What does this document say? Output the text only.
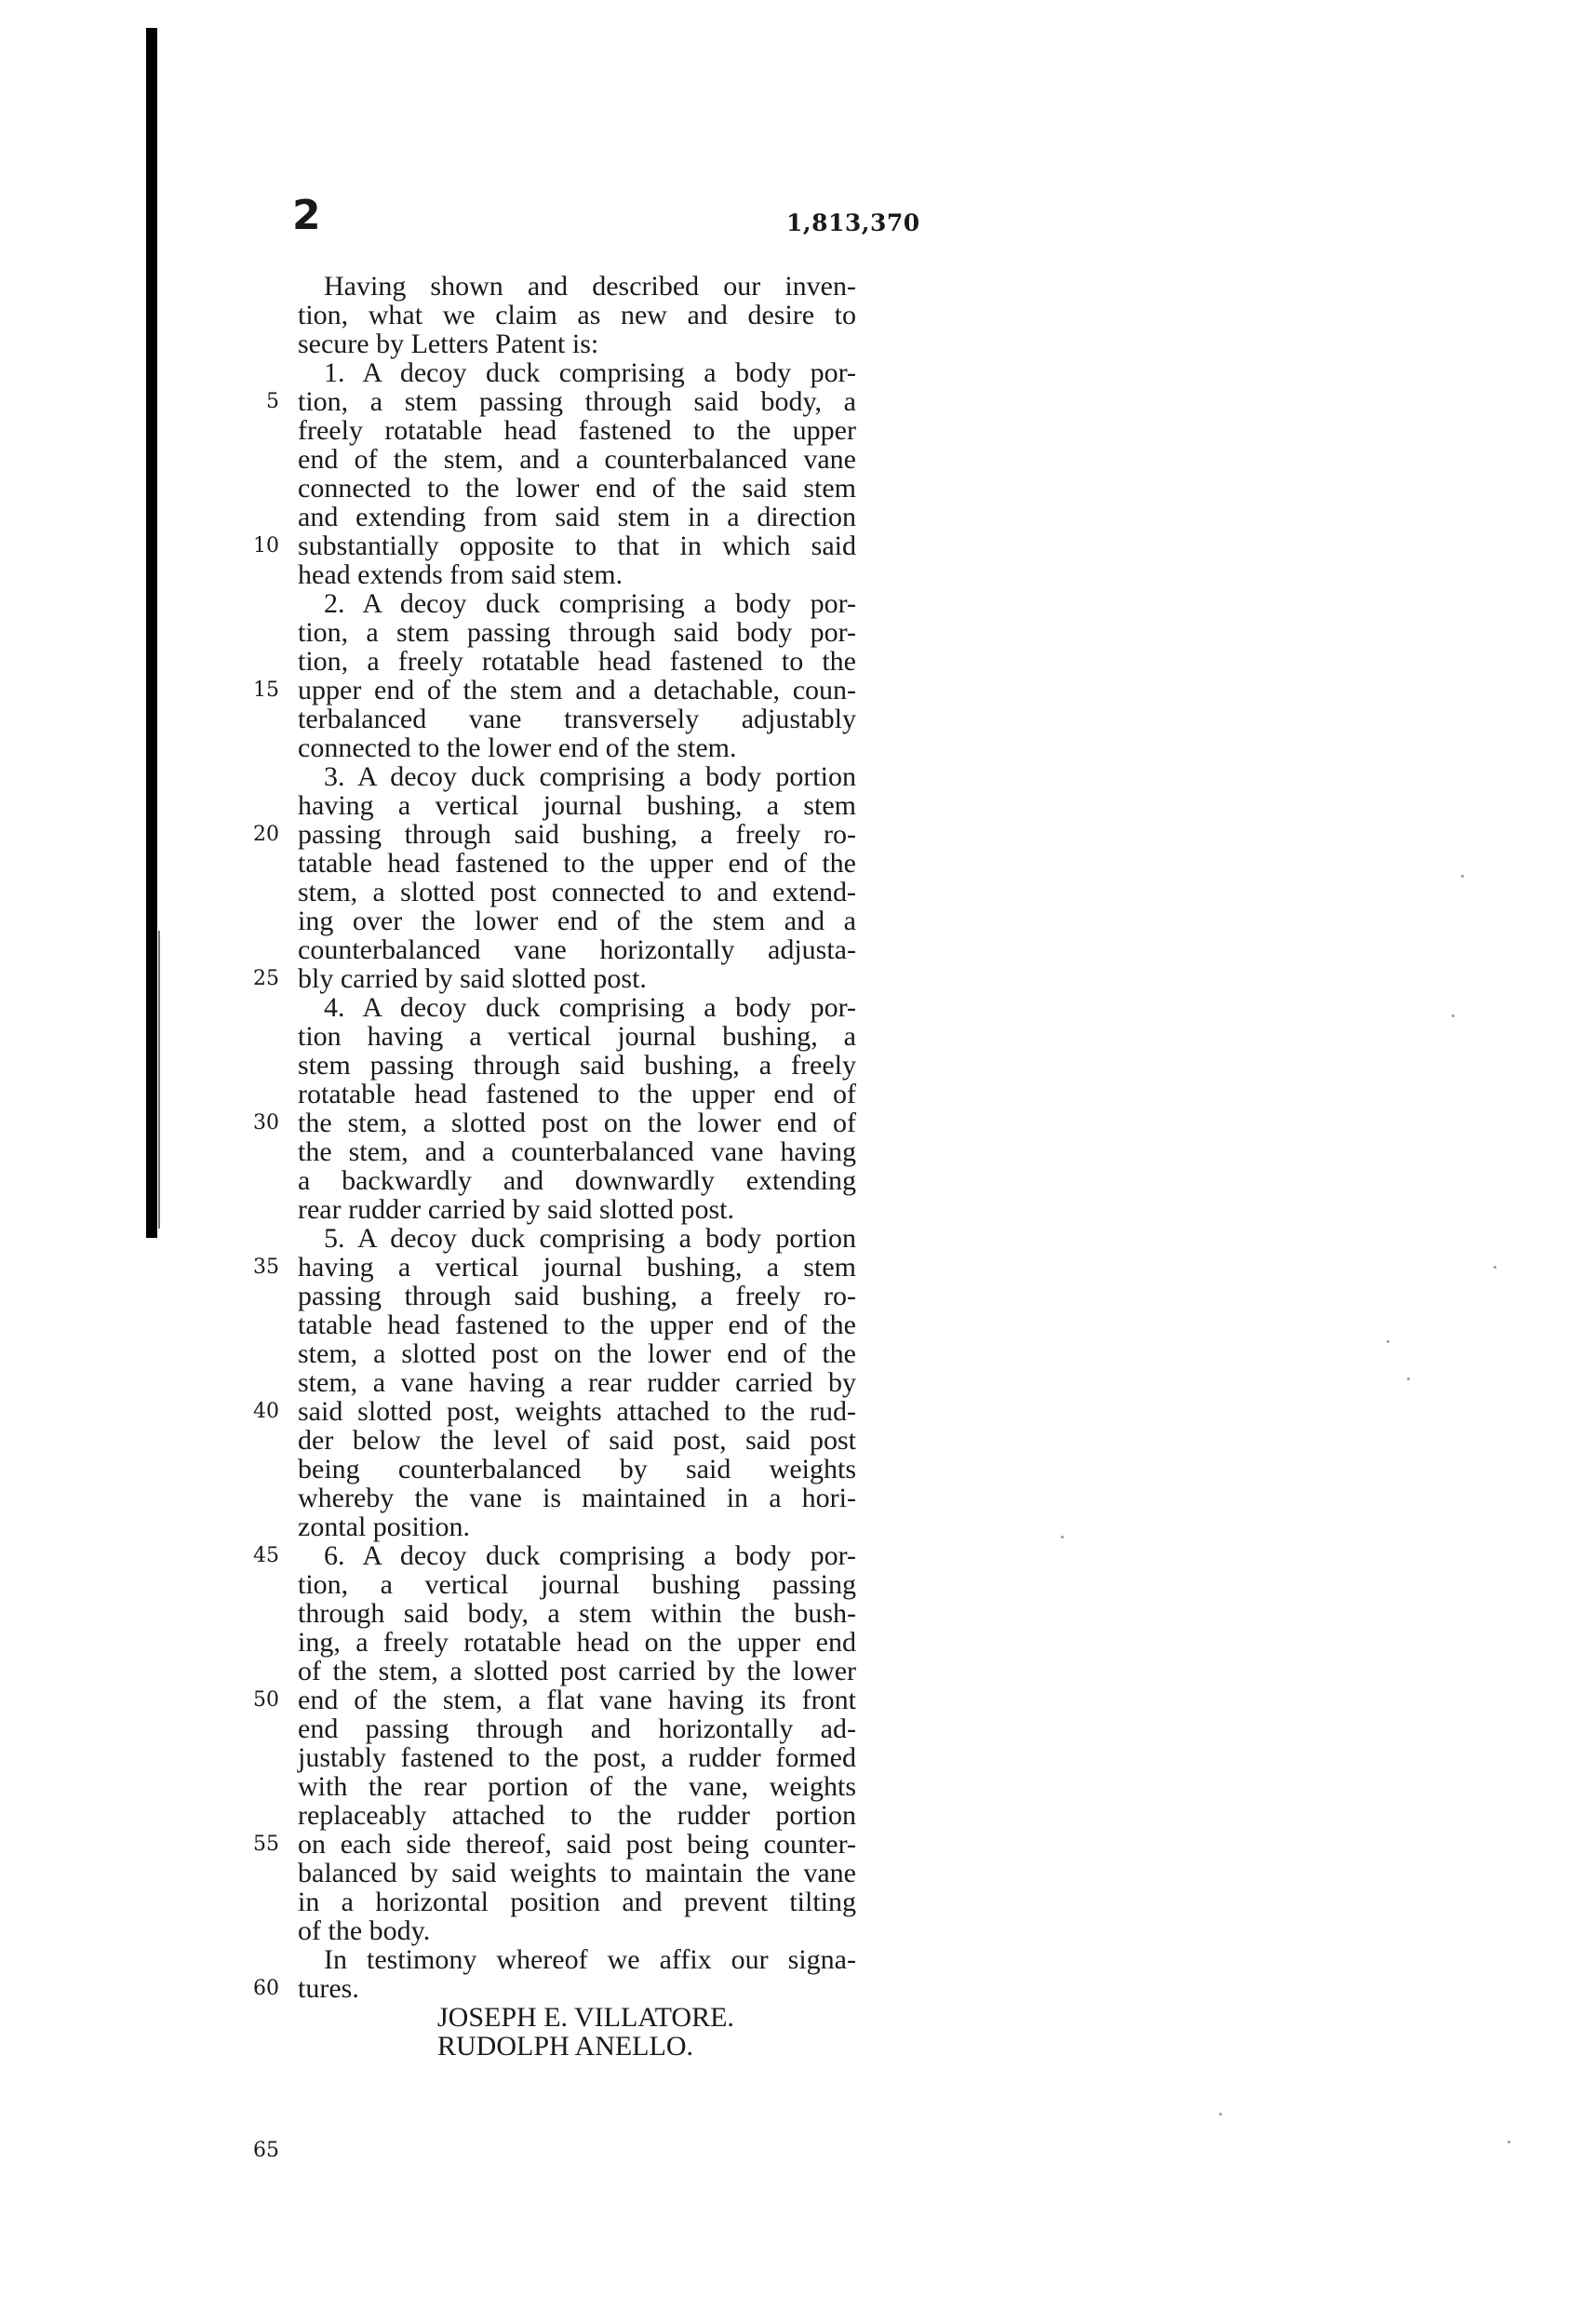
2	1,813,370
Having shown and described our inven-
tion, what we claim as new and desire to
secure by Letters Patent is:
1. A decoy duck comprising a body por-
tion, a stem passing through said body, a
freely rotatable head fastened to the upper
end of the stem, and a counterbalanced vane
connected to the lower end of the said stem
and extending from said stem in a direction
substantially opposite to that in which said
head extends from said stem.
2. A decoy duck comprising a body por-
tion, a stem passing through said body por-
tion, a freely rotatable head fastened to the
upper end of the stem and a detachable, coun-
terbalanced vane transversely adjustably
connected to the lower end of the stem.
3. A decoy duck comprising a body portion
having a vertical journal bushing, a stem
passing through said bushing, a freely ro-
tatable head fastened to the upper end of the
stem, a slotted post connected to and extend-
ing over the lower end of the stem and a
counterbalanced vane horizontally adjusta-
bly carried by said slotted post.
4. A decoy duck comprising a body por-
tion having a vertical journal bushing, a
stem passing through said bushing, a freely
rotatable head fastened to the upper end of
the stem, a slotted post on the lower end of
the stem, and a counterbalanced vane having
a backwardly and downwardly extending
rear rudder carried by said slotted post.
5. A decoy duck comprising a body portion
having a vertical journal bushing, a stem
passing through said bushing, a freely ro-
tatable head fastened to the upper end of the
stem, a slotted post on the lower end of the
stem, a vane having a rear rudder carried by
said slotted post, weights attached to the rud-
der below the level of said post, said post
being counterbalanced by said weights
whereby the vane is maintained in a hori-
zontal position.
6. A decoy duck comprising a body por-
tion, a vertical journal bushing passing
through said body, a stem within the bush-
ing, a freely rotatable head on the upper end
of the stem, a slotted post carried by the lower
end of the stem, a flat vane having its front
end passing through and horizontally ad-
justably fastened to the post, a rudder formed
with the rear portion of the vane, weights
replaceably attached to the rudder portion
on each side thereof, said post being counter-
balanced by said weights to maintain the vane
in a horizontal position and prevent tilting
of the body.
In testimony whereof we affix our signa-
tures.
JOSEPH E. VILLATORE.
RUDOLPH ANELLO.
5
10
15
20
25
30
35
40
45
50
55
60
65
